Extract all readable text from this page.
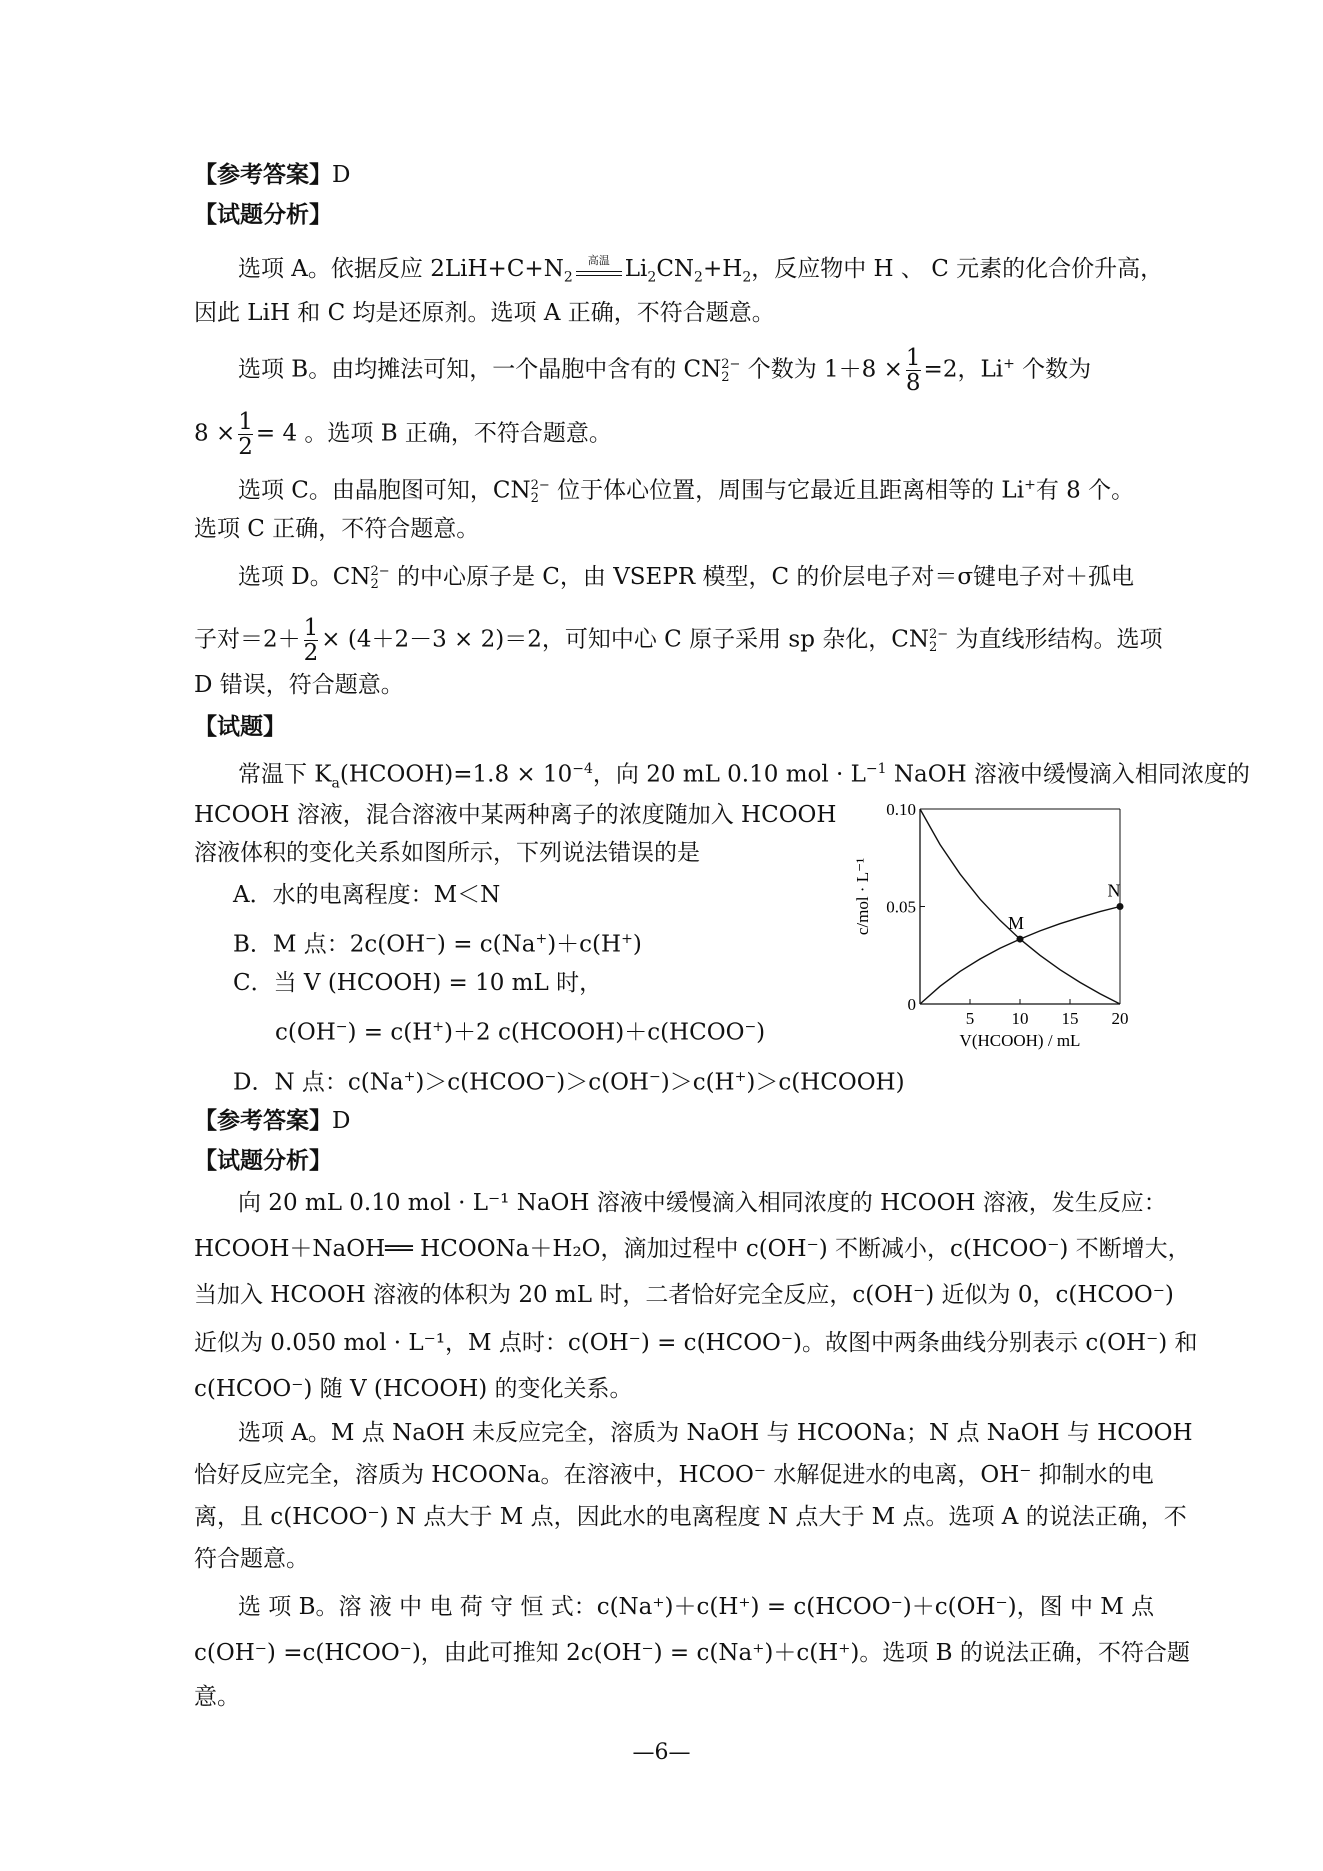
【参考答案】D
【试题分析】
选项 A。依据反应 $2LiH+C+N_2$
高温 $Li_2CN_2+H_2$，反应物中 H 、 C 元素的化合价升高，
因此 LiH 和 C 均是还原剂。选项 A 正确，不符合题意。
选项 B。由均摊法可知，一个晶胞中含有的 CN 2−
2 个数为 $1+8 \times \frac{1}{8} =2$，Li+ 个数为
$8 \times \frac{1}{2} = 4$ 。选项 B 正确，不符合题意。
选项 C。由晶胞图可知，CN 2−
2 位于体心位置，周围与它最近且距离相等的 Li+有 8 个。
选项 C 正确，不符合题意。
选项 D。CN 2−
2 的中心原子是 C，由 VSEPR 模型，C 的价层电子对＝σ键电子对＋孤电
子对$=2+ \frac{1}{2} \times (4+2-3 \times 2)=2$，可知中心 C 原子采用 sp 杂化，CN 2−
2 为直线形结构。选项
D 错误，符合题意。
【试题】
常温下 $K_a(HCOOH)=1.8 \times 10^{-4}$，向 20 mL 0.10 mol · $L^{-1}$ NaOH 溶液中缓慢滴入相同浓度的
HCOOH 溶液，混合溶液中某两种离子的浓度随加入 HCOOH
溶液体积的变化关系如图所示，下列说法错误的是
A．水的电离程度：M＜N
B．M 点：2c(OH−) = c(Na+)＋c(H+)
C．当 V (HCOOH) = 10 mL 时，
c(OH−) = c(H+)＋2 c(HCOOH)＋c(HCOO−)
D．N 点：c(Na+)＞c(HCOO−)＞c(OH−)＞c(H+)＞c(HCOOH)
5 10 15 20
0
0.05
0.10
M
N
V(HCOOH) / mL
c/mol · L⁻¹
【参考答案】D
【试题分析】
向 20 mL 0.10 mol · L⁻¹ NaOH 溶液中缓慢滴入相同浓度的 HCOOH 溶液，发生反应：
HCOOH＋NaOH══ HCOONa＋H₂O，滴加过程中 c(OH⁻) 不断减小，c(HCOO⁻) 不断增大，
当加入 HCOOH 溶液的体积为 20 mL 时，二者恰好完全反应，c(OH⁻) 近似为 0，c(HCOO⁻)
近似为 0.050 mol · L⁻¹，M 点时：c(OH⁻) = c(HCOO⁻)。故图中两条曲线分别表示 c(OH⁻) 和
c(HCOO⁻) 随 V (HCOOH) 的变化关系。
选项 A。M 点 NaOH 未反应完全，溶质为 NaOH 与 HCOONa；N 点 NaOH 与 HCOOH
恰好反应完全，溶质为 HCOONa。在溶液中，HCOO⁻ 水解促进水的电离，OH⁻ 抑制水的电
离，且 c(HCOO⁻) N 点大于 M 点，因此水的电离程度 N 点大于 M 点。选项 A 的说法正确，不
符合题意。
选 项 B。溶 液 中 电 荷 守 恒 式：c(Na⁺)＋c(H⁺) = c(HCOO⁻)＋c(OH⁻)，图 中 M 点
c(OH⁻) =c(HCOO⁻)，由此可推知 2c(OH⁻) = c(Na⁺)＋c(H⁺)。选项 B 的说法正确，不符合题
意。
—6—
